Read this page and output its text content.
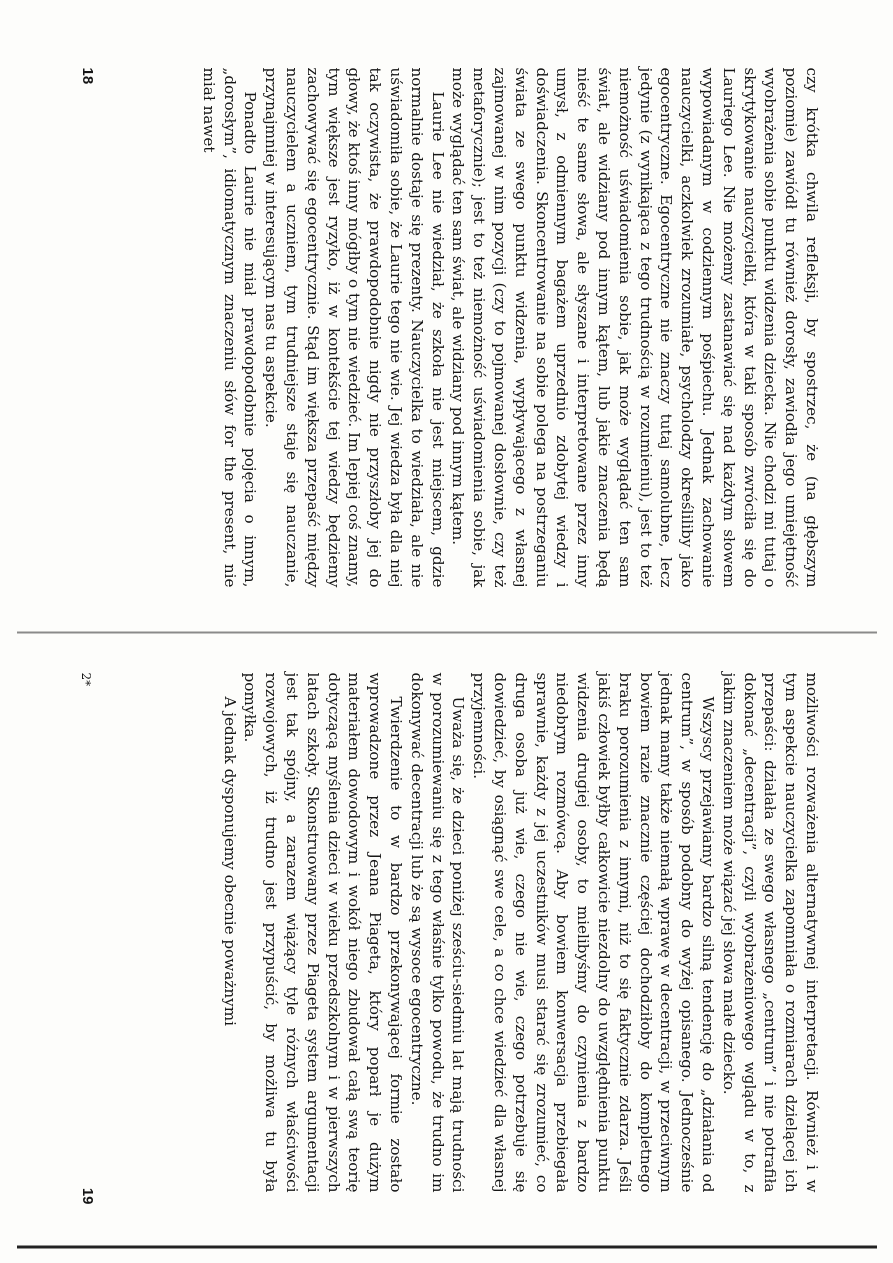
czy krótka chwila refleksji, by spostrzec, że (na głębszym poziomie) zawiódł tu również dorosły, zawiodła jego umiejętność wyobrażenia sobie punktu widzenia dziecka. Nie chodzi mi tutaj o skrytykowanie nauczycielki, która w taki sposób zwróciła się do Lauriego Lee. Nie możemy zastanawiać się nad każdym słowem wypowiadanym w codziennym pośpiechu. Jednak zachowanie nauczycielki, aczkolwiek zrozumiałe, psycholodzy określiliby jako egocentryczne. Egocentryczne nie znaczy tutaj samolubne, lecz jedynie (z wynikająca z tego trudnością w rozumieniu), jest to też niemożność uświadomienia sobie, jak może wyglądać ten sam świat, ale widziany pod innym kątem, lub jakie znaczenia będą nieść te same słowa, ale słyszane i interpretowane przez inny umysł, z odmiennym bagażem uprzednio zdobytej wiedzy i doświadczenia. Skoncentrowanie na sobie polega na postrzeganiu świata ze swego punktu widzenia, wypływającego z własnej zajmowanej w nim pozycji (czy to pojmowanej dosłownie, czy też metaforycznie); jest to też niemożność uświadomienia sobie, jak może wyglądać ten sam świat, ale widziany pod innym kątem.

Laurie Lee nie wiedział, że szkoła nie jest miejscem, gdzie normalnie dostaje się prezenty. Nauczycielka to wiedziała, ale nie uświadomiła sobie, że Laurie tego nie wie. Jej wiedza była dla niej tak oczywista, że prawdopodobnie nigdy nie przyszłoby jej do głowy, że ktoś inny mógłby o tym nie wiedzieć. Im lepiej coś znamy, tym większe jest ryzyko, iż w kontekście tej wiedzy będziemy zachowywać się egocentrycznie. Stąd im większa przepaść między nauczycielem a uczniem, tym trudniejsze staje się nauczanie, przynajmniej w interesującym nas tu aspekcie.

Ponadto Laurie nie miał prawdopodobnie pojęcia o innym, „dorosłym”, idiomatycznym znaczeniu słów for the present, nie miał nawet

18

możliwości rozważenia alternatywnej interpretacji. Również i w tym aspekcie nauczycielka zapomniała o rozmiarach dzielącej ich przepaści: działała ze swego własnego „centrum” i nie potrafiła dokonać „decentracji”, czyli wyobrażeniowego wglądu w to, z jakim znaczeniem może wiązać jej słowa małe dziecko.

Wszyscy przejawiamy bardzo silną tendencję do „działania od centrum”, w sposób podobny do wyżej opisanego. Jednocześnie jednak mamy także niemałą wprawę w decentracji, w przeciwnym bowiem razie znacznie częściej dochodziłoby do kompletnego braku porozumienia z innymi, niż to się faktycznie zdarza. Jeśli jakiś człowiek byłby całkowicie niezdolny do uwzględnienia punktu widzenia drugiej osoby, to mielibyśmy do czynienia z bardzo niedobrym rozmówcą. Aby bowiem konwersacja przebiegała sprawnie, każdy z jej uczestników musi starać się zrozumieć, co druga osoba już wie, czego nie wie, czego potrzebuje się dowiedzieć, by osiągnąć swe cele, a co chce wiedzieć dla własnej przyjemności.

Uważa się, że dzieci poniżej sześciu-siedmiu lat mają trudności w porozumiewaniu się z tego właśnie tylko powodu, że trudno im dokonywać decentracji lub że są wysoce egocentryczne.

Twierdzenie to w bardzo przekonywającej formie zostało wprowadzone przez Jeana Piageta, który poparł je dużym materiałem dowodowym i wokół niego zbudował całą swą teorię dotyczącą myślenia dzieci w wieku przedszkolnym i w pierwszych latach szkoły. Skonstruowany przez Piageta system argumentacji jest tak spójny, a zarazem wiążący tyle różnych właściwości rozwojowych, iż trudno jest przypuścić, by możliwa tu była pomyłka.

A jednak dysponujemy obecnie poważnymi

2*
19
